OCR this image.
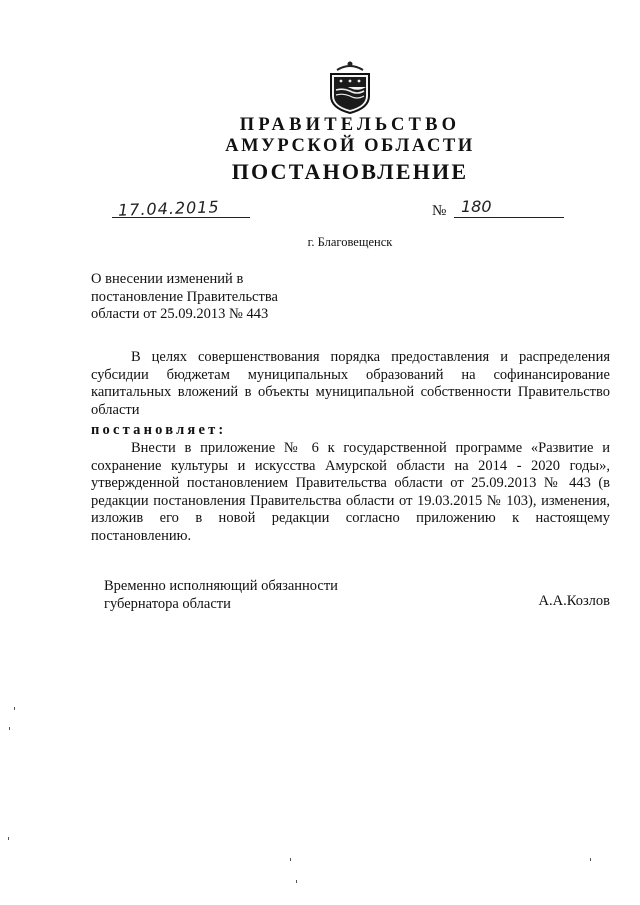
ПРАВИТЕЛЬСТВО
АМУРСКОЙ ОБЛАСТИ
ПОСТАНОВЛЕНИЕ
17.04.2015	№ 180
г. Благовещенск
О внесении изменений в
постановление Правительства
области от 25.09.2013 № 443
В целях совершенствования порядка предоставления и распределения субсидии бюджетам муниципальных образований на софинансирование капитальных вложений в объекты муниципальной собственности Правительство области
постановляет:
Внести в приложение № 6 к государственной программе «Развитие и сохранение культуры и искусства Амурской области на 2014 - 2020 годы», утвержденной постановлением Правительства области от 25.09.2013 № 443 (в редакции постановления Правительства области от 19.03.2015 № 103), изменения, изложив его в новой редакции согласно приложению к настоящему постановлению.
Временно исполняющий обязанности
губернатора области	А.А.Козлов
